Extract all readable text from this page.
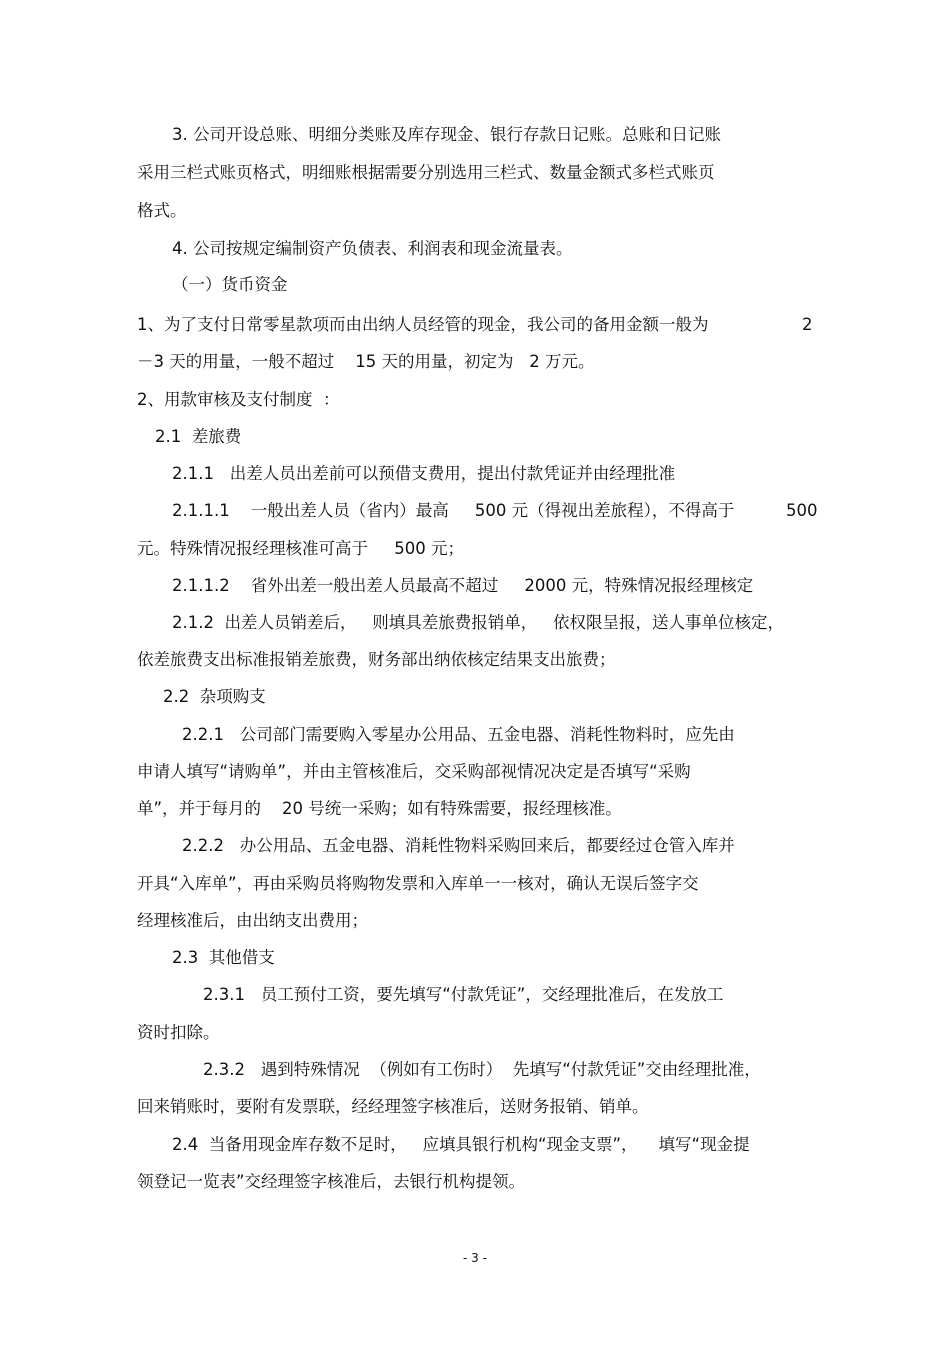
3. 公司开设总账、明细分类账及库存现金、银行存款日记账。总账和日记账
采用三栏式账页格式，明细账根据需要分别选用三栏式、数量金额式多栏式账页
格式。
4. 公司按规定编制资产负债表、利润表和现金流量表。
（一）货币资金
1、为了支付日常零星款项而由出纳人员经管的现金，我公司的备用金额一般为	2
－3 天的用量，一般不超过    15 天的用量，初定为   2 万元。
2、用款审核及支付制度  ：
2.1  差旅费
2.1.1   出差人员出差前可以预借支费用，提出付款凭证并由经理批准
2.1.1.1    一般出差人员（省内）最高     500 元（得视出差旅程），不得高于	500
元。特殊情况报经理核准可高于     500 元；
2.1.1.2    省外出差一般出差人员最高不超过     2000 元，特殊情况报经理核定
2.1.2  出差人员销差后，   则填具差旅费报销单，   依权限呈报，送人事单位核定，
依差旅费支出标准报销差旅费，财务部出纳依核定结果支出旅费；
2.2  杂项购支
2.2.1   公司部门需要购入零星办公用品、五金电器、消耗性物料时，应先由
申请人填写“请购单”，并由主管核准后，交采购部视情况决定是否填写“采购
单”，并于每月的    20 号统一采购；如有特殊需要，报经理核准。
2.2.2   办公用品、五金电器、消耗性物料采购回来后，都要经过仓管入库并
开具“入库单”，再由采购员将购物发票和入库单一一核对，确认无误后签字交
经理核准后，由出纳支出费用；
2.3  其他借支
2.3.1   员工预付工资，要先填写“付款凭证”，交经理批准后，在发放工
资时扣除。
2.3.2   遇到特殊情况  （例如有工伤时）  先填写“付款凭证”交由经理批准，
回来销账时，要附有发票联，经经理签字核准后，送财务报销、销单。
2.4  当备用现金库存数不足时，   应填具银行机构“现金支票”，    填写“现金提
领登记一览表”交经理签字核准后，去银行机构提领。
- 3 -
